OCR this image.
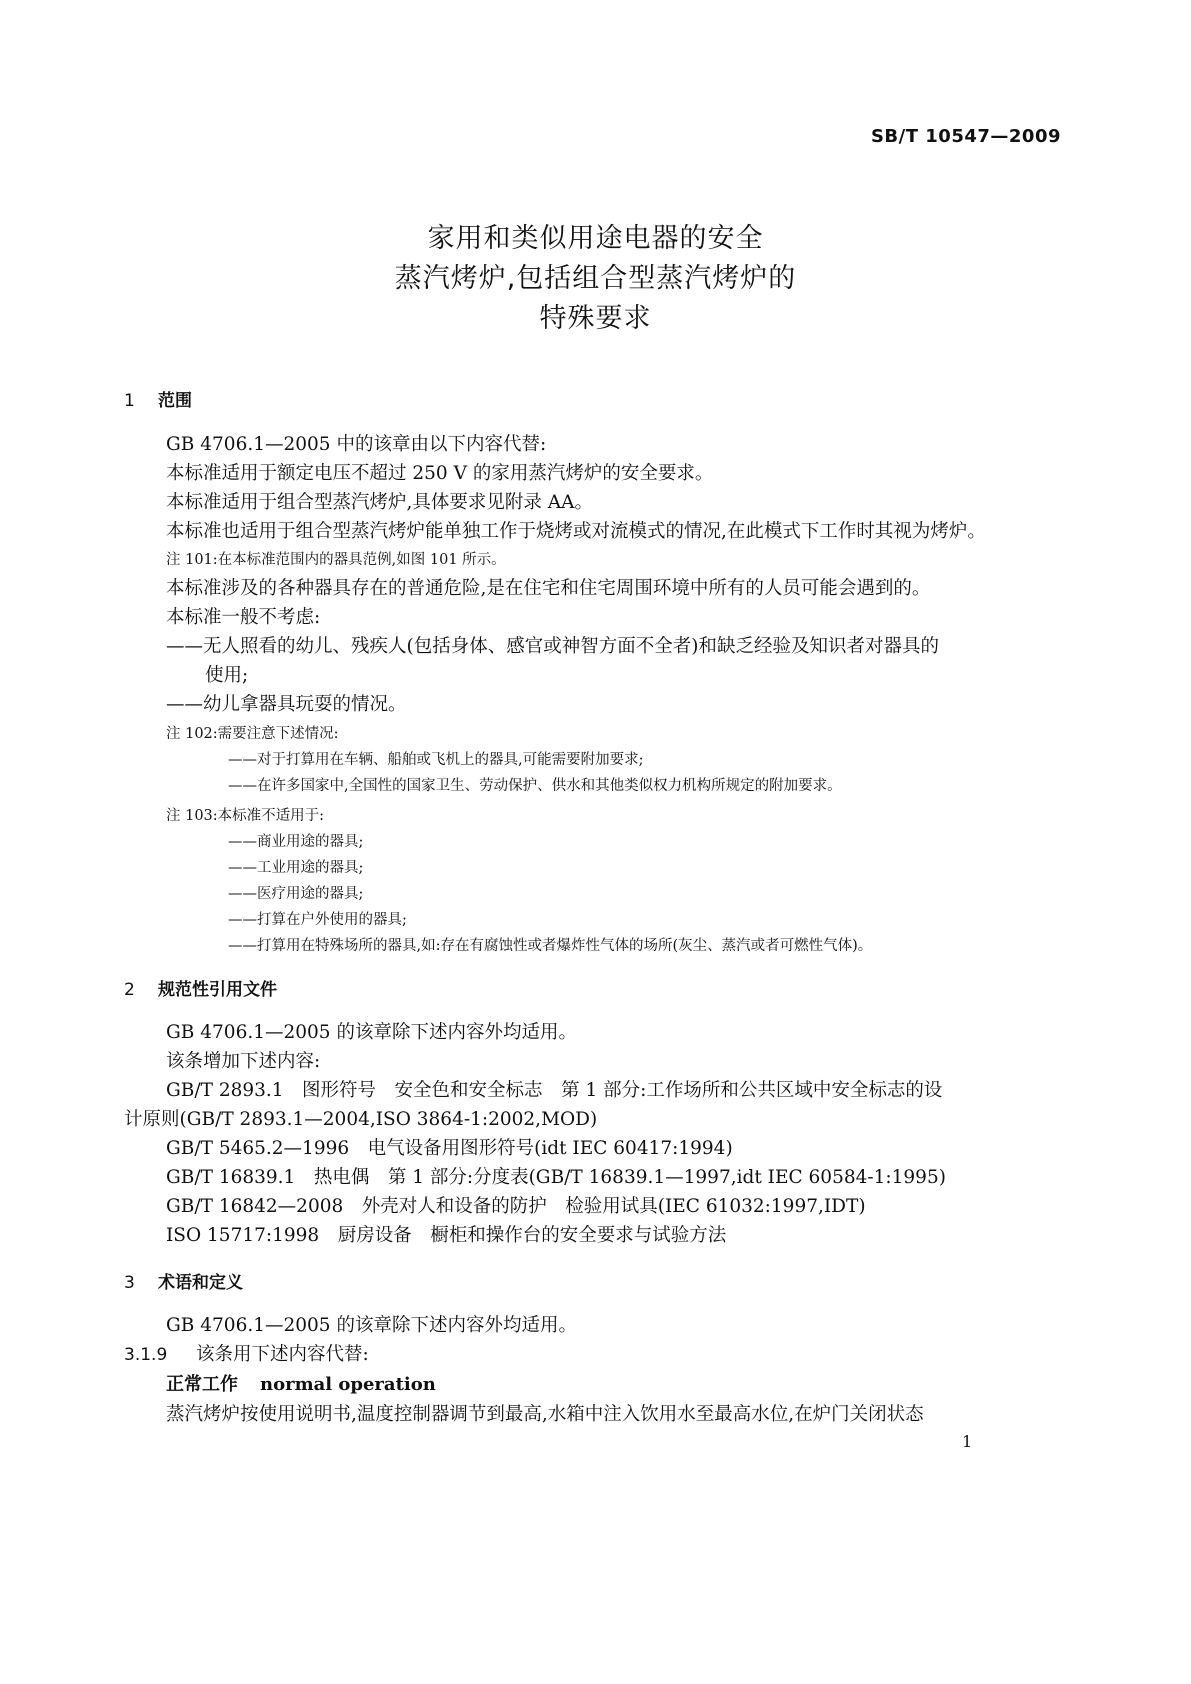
SB/T 10547—2009
家用和类似用途电器的安全
蒸汽烤炉,包括组合型蒸汽烤炉的
特殊要求
1 范围
GB 4706.1—2005 中的该章由以下内容代替:
本标准适用于额定电压不超过 250 V 的家用蒸汽烤炉的安全要求。
本标准适用于组合型蒸汽烤炉,具体要求见附录 AA。
本标准也适用于组合型蒸汽烤炉能单独工作于烧烤或对流模式的情况,在此模式下工作时其视为烤炉。
注 101:在本标准范围内的器具范例,如图 101 所示。
本标准涉及的各种器具存在的普通危险,是在住宅和住宅周围环境中所有的人员可能会遇到的。
本标准一般不考虑:
——无人照看的幼儿、残疾人(包括身体、感官或神智方面不全者)和缺乏经验及知识者对器具的
使用;
——幼儿拿器具玩耍的情况。
注 102:需要注意下述情况:
——对于打算用在车辆、船舶或飞机上的器具,可能需要附加要求;
——在许多国家中,全国性的国家卫生、劳动保护、供水和其他类似权力机构所规定的附加要求。
注 103:本标准不适用于:
——商业用途的器具;
——工业用途的器具;
——医疗用途的器具;
——打算在户外使用的器具;
——打算用在特殊场所的器具,如:存在有腐蚀性或者爆炸性气体的场所(灰尘、蒸汽或者可燃性气体)。
2 规范性引用文件
GB 4706.1—2005 的该章除下述内容外均适用。
该条增加下述内容:
GB/T 2893.1　图形符号　安全色和安全标志　第 1 部分:工作场所和公共区域中安全标志的设
计原则(GB/T 2893.1—2004,ISO 3864-1:2002,MOD)
GB/T 5465.2—1996　电气设备用图形符号(idt IEC 60417:1994)
GB/T 16839.1　热电偶　第 1 部分:分度表(GB/T 16839.1—1997,idt IEC 60584-1:1995)
GB/T 16842—2008　外壳对人和设备的防护　检验用试具(IEC 61032:1997,IDT)
ISO 15717:1998　厨房设备　橱柜和操作台的安全要求与试验方法
3 术语和定义
GB 4706.1—2005 的该章除下述内容外均适用。
3.1.9 该条用下述内容代替:
正常工作 normal operation
蒸汽烤炉按使用说明书,温度控制器调节到最高,水箱中注入饮用水至最高水位,在炉门关闭状态
1
